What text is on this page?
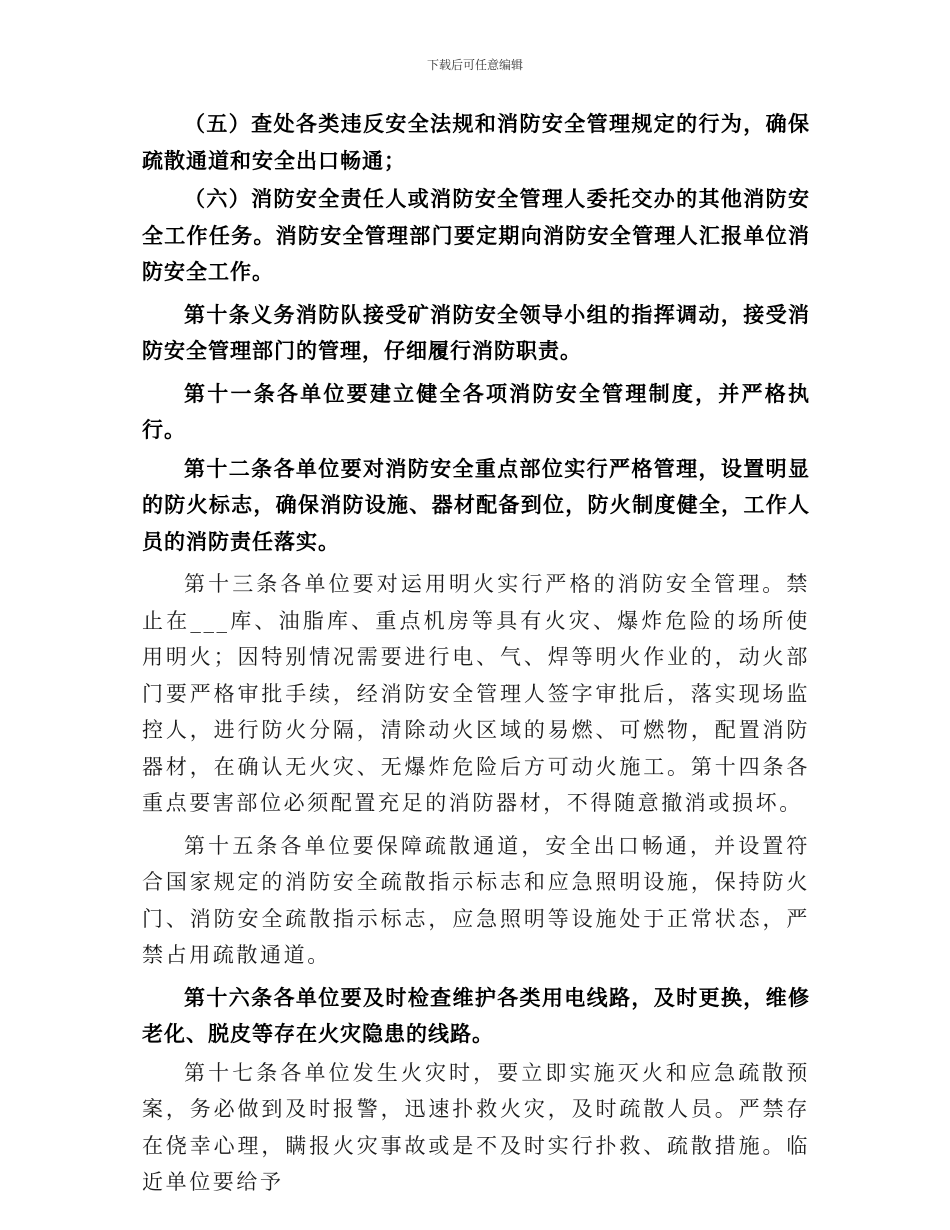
下载后可任意编辑

（五）查处各类违反安全法规和消防安全管理规定的行为，确保疏散通道和安全出口畅通；

（六）消防安全责任人或消防安全管理人委托交办的其他消防安全工作任务。消防安全管理部门要定期向消防安全管理人汇报单位消防安全工作。

第十条义务消防队接受矿消防安全领导小组的指挥调动，接受消防安全管理部门的管理，仔细履行消防职责。

第十一条各单位要建立健全各项消防安全管理制度，并严格执行。

第十二条各单位要对消防安全重点部位实行严格管理，设置明显的防火标志，确保消防设施、器材配备到位，防火制度健全，工作人员的消防责任落实。

第十三条各单位要对运用明火实行严格的消防安全管理。禁止在___库、油脂库、重点机房等具有火灾、爆炸危险的场所使用明火；因特别情况需要进行电、气、焊等明火作业的，动火部门要严格审批手续，经消防安全管理人签字审批后，落实现场监控人，进行防火分隔，清除动火区域的易燃、可燃物，配置消防器材，在确认无火灾、无爆炸危险后方可动火施工。第十四条各重点要害部位必须配置充足的消防器材，不得随意撤消或损坏。

第十五条各单位要保障疏散通道，安全出口畅通，并设置符合国家规定的消防安全疏散指示标志和应急照明设施，保持防火门、消防安全疏散指示标志，应急照明等设施处于正常状态，严禁占用疏散通道。

第十六条各单位要及时检查维护各类用电线路，及时更换，维修老化、脱皮等存在火灾隐患的线路。

第十七条各单位发生火灾时，要立即实施灭火和应急疏散预案，务必做到及时报警，迅速扑救火灾，及时疏散人员。严禁存在侥幸心理，瞒报火灾事故或是不及时实行扑救、疏散措施。临近单位要给予
